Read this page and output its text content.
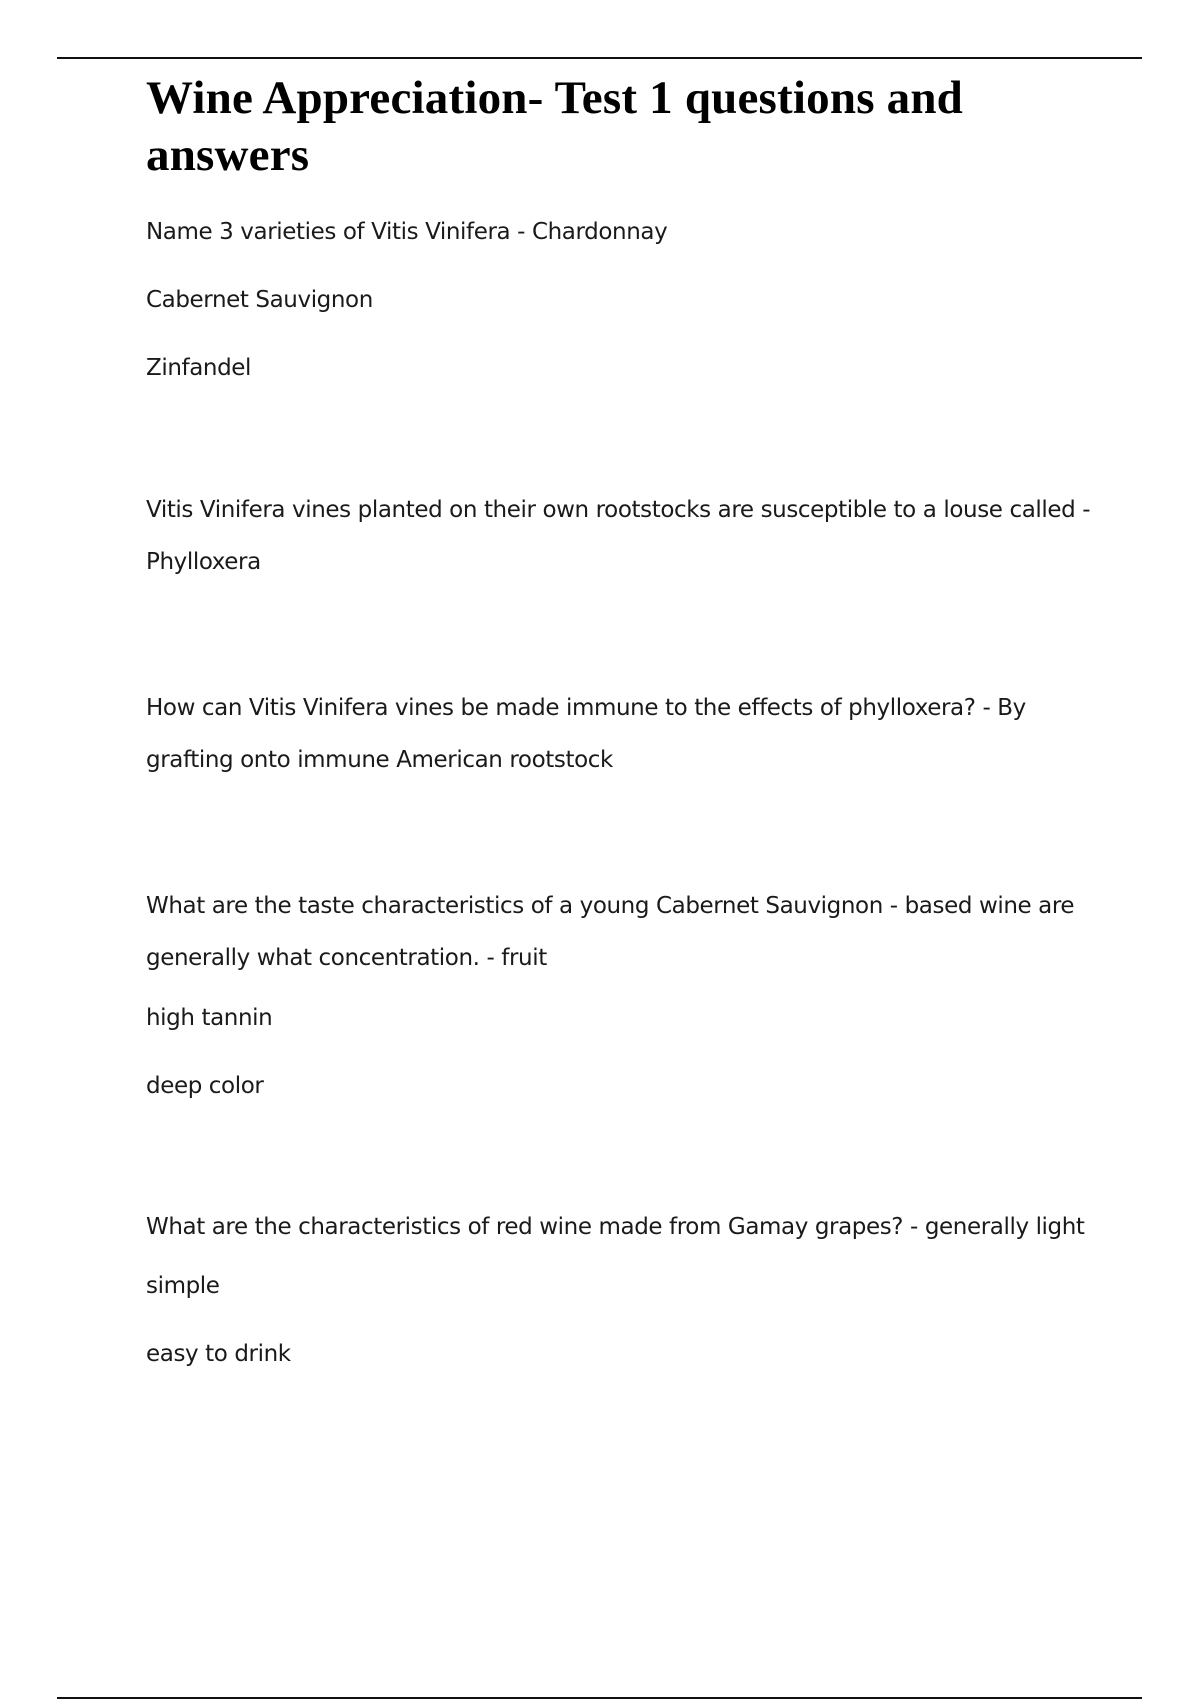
Wine Appreciation- Test 1 questions and answers

Name 3 varieties of Vitis Vinifera - Chardonnay

Cabernet Sauvignon

Zinfandel

Vitis Vinifera vines planted on their own rootstocks are susceptible to a louse called - Phylloxera

How can Vitis Vinifera vines be made immune to the effects of phylloxera? - By grafting onto immune American rootstock

What are the taste characteristics of a young Cabernet Sauvignon - based wine are generally what concentration. - fruit

high tannin

deep color

What are the characteristics of red wine made from Gamay grapes? - generally light

simple

easy to drink
